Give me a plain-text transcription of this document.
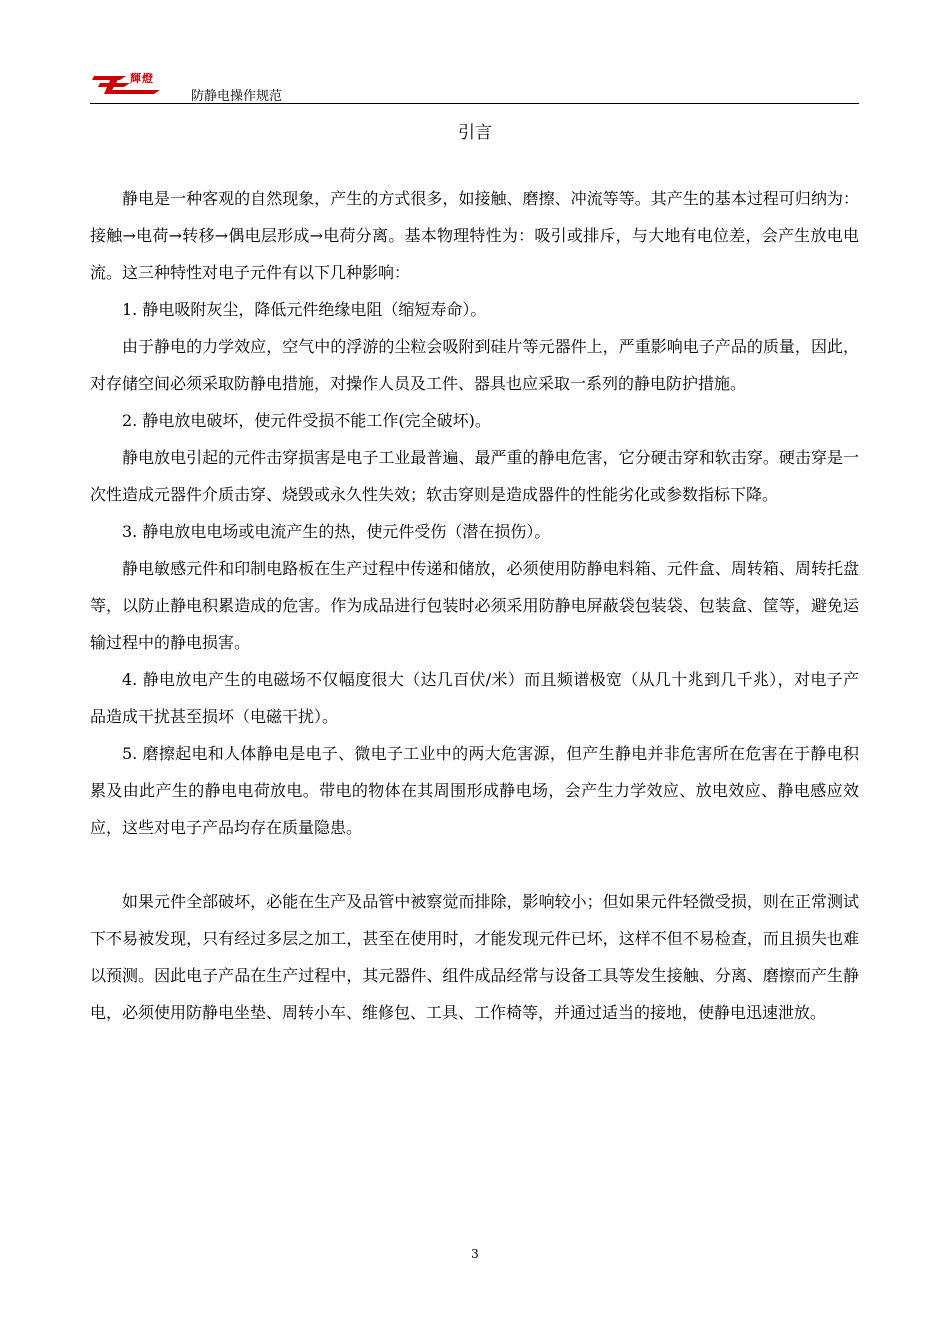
輝燈
防静电操作规范
引言

静电是一种客观的自然现象，产生的方式很多，如接触、磨擦、冲流等等。其产生的基本过程可归纳为：接触→电荷→转移→偶电层形成→电荷分离。基本物理特性为：吸引或排斥，与大地有电位差，会产生放电电流。这三种特性对电子元件有以下几种影响：

1. 静电吸附灰尘，降低元件绝缘电阻（缩短寿命）。

由于静电的力学效应，空气中的浮游的尘粒会吸附到硅片等元器件上，严重影响电子产品的质量，因此，对存储空间必须采取防静电措施，对操作人员及工件、器具也应采取一系列的静电防护措施。

2. 静电放电破坏，使元件受损不能工作(完全破坏)。

静电放电引起的元件击穿损害是电子工业最普遍、最严重的静电危害，它分硬击穿和软击穿。硬击穿是一次性造成元器件介质击穿、烧毁或永久性失效；软击穿则是造成器件的性能劣化或参数指标下降。

3. 静电放电电场或电流产生的热，使元件受伤（潜在损伤）。

静电敏感元件和印制电路板在生产过程中传递和储放，必须使用防静电料箱、元件盒、周转箱、周转托盘等，以防止静电积累造成的危害。作为成品进行包装时必须采用防静电屏蔽袋包装袋、包装盒、筐等，避免运输过程中的静电损害。

4. 静电放电产生的电磁场不仅幅度很大（达几百伏/米）而且频谱极宽（从几十兆到几千兆），对电子产品造成干扰甚至损坏（电磁干扰）。

5. 磨擦起电和人体静电是电子、微电子工业中的两大危害源，但产生静电并非危害所在危害在于静电积累及由此产生的静电电荷放电。带电的物体在其周围形成静电场，会产生力学效应、放电效应、静电感应效应，这些对电子产品均存在质量隐患。

如果元件全部破坏，必能在生产及品管中被察觉而排除，影响较小；但如果元件轻微受损，则在正常测试下不易被发现，只有经过多层之加工，甚至在使用时，才能发现元件已坏，这样不但不易检查，而且损失也难以预测。因此电子产品在生产过程中，其元器件、组件成品经常与设备工具等发生接触、分离、磨擦而产生静电，必须使用防静电坐垫、周转小车、维修包、工具、工作椅等，并通过适当的接地，使静电迅速泄放。

3
